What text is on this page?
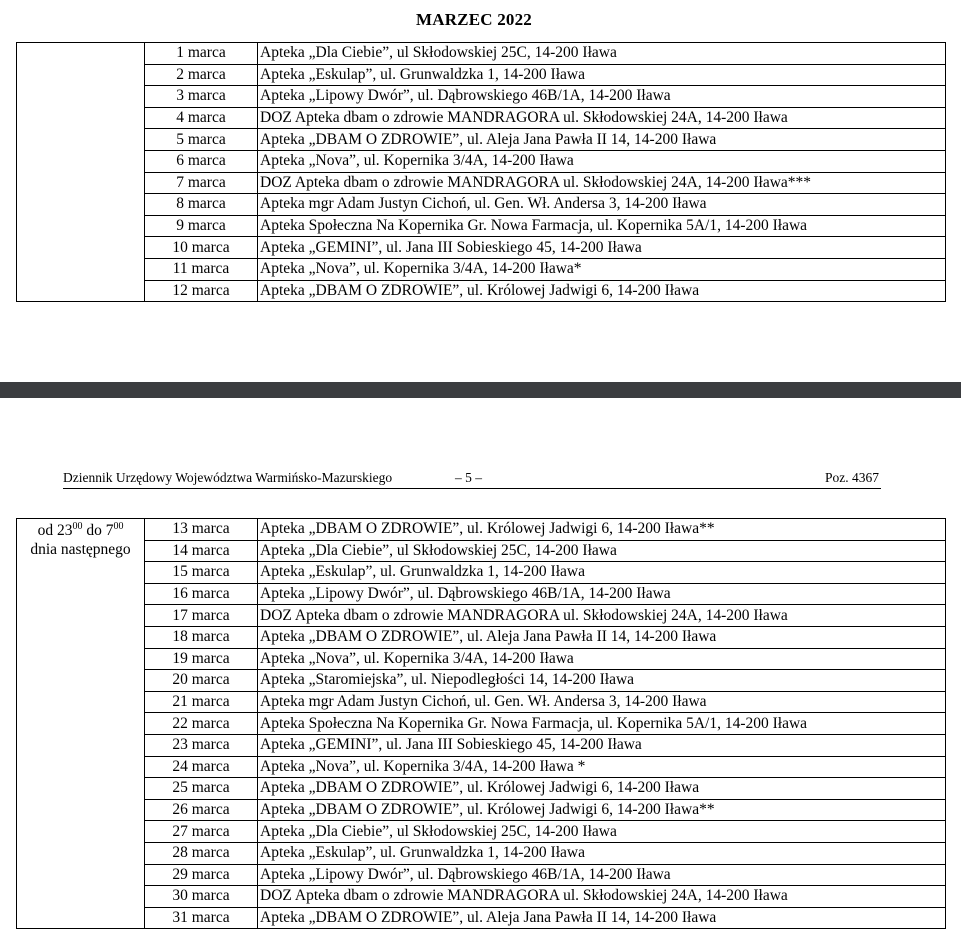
MARZEC 2022
	1 marca	Apteka „Dla Ciebie”, ul Skłodowskiej 25C, 14-200 Iława
	2 marca	Apteka „Eskulap”, ul. Grunwaldzka 1, 14-200 Iława
	3 marca	Apteka „Lipowy Dwór”, ul. Dąbrowskiego 46B/1A, 14-200 Iława
	4 marca	DOZ Apteka dbam o zdrowie MANDRAGORA ul. Skłodowskiej 24A, 14-200 Iława
	5 marca	Apteka „DBAM O ZDROWIE”, ul. Aleja Jana Pawła II 14, 14-200 Iława
	6 marca	Apteka „Nova”, ul. Kopernika 3/4A, 14-200 Iława
	7 marca	DOZ Apteka dbam o zdrowie MANDRAGORA ul. Skłodowskiej 24A, 14-200 Iława***
	8 marca	Apteka mgr Adam Justyn Cichoń, ul. Gen. Wł. Andersa 3, 14-200 Iława
	9 marca	Apteka Społeczna Na Kopernika Gr. Nowa Farmacja, ul. Kopernika 5A/1, 14-200 Iława
	10 marca	Apteka „GEMINI”, ul. Jana III Sobieskiego 45, 14-200 Iława
	11 marca	Apteka „Nova”, ul. Kopernika 3/4A, 14-200 Iława*
	12 marca	Apteka „DBAM O ZDROWIE”, ul. Królowej Jadwigi 6, 14-200 Iława
Dziennik Urzędowy Województwa Warmińsko-Mazurskiego	– 5 –	Poz. 4367
od $23^{00}$ do $7^{00}$
dnia następnego	13 marca	Apteka „DBAM O ZDROWIE”, ul. Królowej Jadwigi 6, 14-200 Iława**
	14 marca	Apteka „Dla Ciebie”, ul Skłodowskiej 25C, 14-200 Iława
	15 marca	Apteka „Eskulap”, ul. Grunwaldzka 1, 14-200 Iława
	16 marca	Apteka „Lipowy Dwór”, ul. Dąbrowskiego 46B/1A, 14-200 Iława
	17 marca	DOZ Apteka dbam o zdrowie MANDRAGORA ul. Skłodowskiej 24A, 14-200 Iława
	18 marca	Apteka „DBAM O ZDROWIE”, ul. Aleja Jana Pawła II 14, 14-200 Iława
	19 marca	Apteka „Nova”, ul. Kopernika 3/4A, 14-200 Iława
	20 marca	Apteka „Staromiejska”, ul. Niepodległości 14, 14-200 Iława
	21 marca	Apteka mgr Adam Justyn Cichoń, ul. Gen. Wł. Andersa 3, 14-200 Iława
	22 marca	Apteka Społeczna Na Kopernika Gr. Nowa Farmacja, ul. Kopernika 5A/1, 14-200 Iława
	23 marca	Apteka „GEMINI”, ul. Jana III Sobieskiego 45, 14-200 Iława
	24 marca	Apteka „Nova”, ul. Kopernika 3/4A, 14-200 Iława *
	25 marca	Apteka „DBAM O ZDROWIE”, ul. Królowej Jadwigi 6, 14-200 Iława
	26 marca	Apteka „DBAM O ZDROWIE”, ul. Królowej Jadwigi 6, 14-200 Iława**
	27 marca	Apteka „Dla Ciebie”, ul Skłodowskiej 25C, 14-200 Iława
	28 marca	Apteka „Eskulap”, ul. Grunwaldzka 1, 14-200 Iława
	29 marca	Apteka „Lipowy Dwór”, ul. Dąbrowskiego 46B/1A, 14-200 Iława
	30 marca	DOZ Apteka dbam o zdrowie MANDRAGORA ul. Skłodowskiej 24A, 14-200 Iława
	31 marca	Apteka „DBAM O ZDROWIE”, ul. Aleja Jana Pawła II 14, 14-200 Iława
